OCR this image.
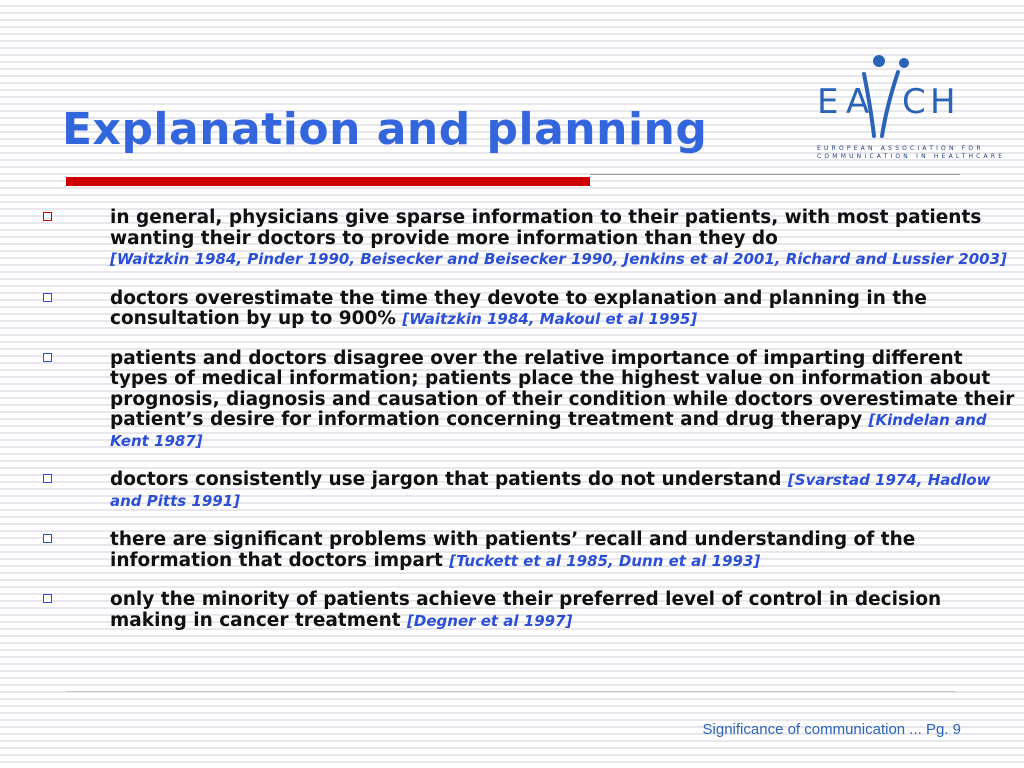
Explanation and planning
E A C H
EUROPEAN ASSOCIATION FOR
COMMUNICATION IN HEALTHCARE
in general, physicians give sparse information to their patients, with most patients wanting their doctors to provide more information than they do
[Waitzkin 1984, Pinder 1990, Beisecker and Beisecker 1990, Jenkins et al 2001, Richard and Lussier 2003]
doctors overestimate the time they devote to explanation and planning in the consultation by up to 900% [Waitzkin 1984, Makoul et al 1995]
patients and doctors disagree over the relative importance of imparting different types of medical information; patients place the highest value on information about prognosis, diagnosis and causation of their condition while doctors overestimate their patient’s desire for information concerning treatment and drug therapy [Kindelan and Kent 1987]
doctors consistently use jargon that patients do not understand [Svarstad 1974, Hadlow and Pitts 1991]
there are significant problems with patients’ recall and understanding of the information that doctors impart [Tuckett et al 1985, Dunn et al 1993]
only the minority of patients achieve their preferred level of control in decision making in cancer treatment [Degner et al 1997]
Significance of communication ... Pg. 9
